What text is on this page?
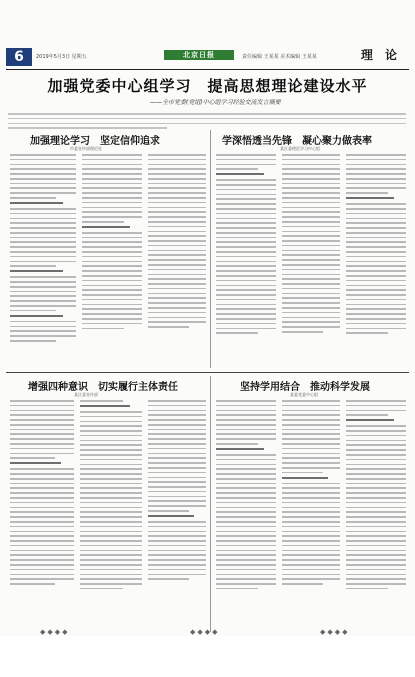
6	2019年5月3日 星期五	北京日报	责任编辑 王某某 美术编辑 王某某	理 论
加强党委中心组学习　提高思想理论建设水平
——全市党委(党组)中心组学习经验交流发言摘要
加强理论学习　坚定信仰追求
市委宣传部理论处
学深悟透当先锋　凝心聚力做表率
某区委理论学习中心组
增强四种意识　切实履行主体责任
某区委宣传部
坚持学用结合　推动科学发展
某委党委中心组
◆◆◆◆	◆◆◆◆	◆◆◆◆
